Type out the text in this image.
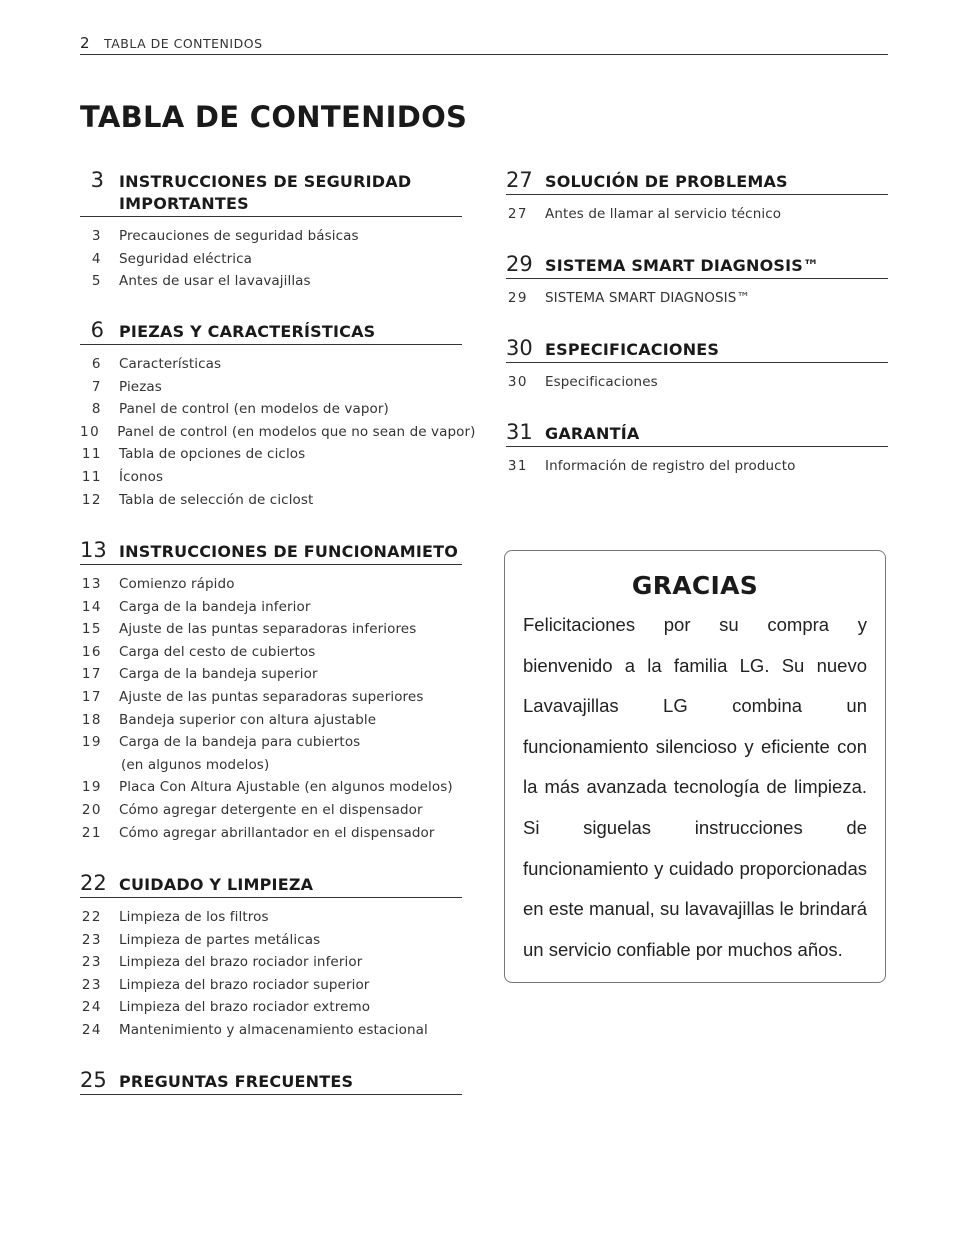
2 TABLA DE CONTENIDOS
TABLA DE CONTENIDOS
3 INSTRUCCIONES DE SEGURIDAD
IMPORTANTES
3 Precauciones de seguridad básicas
4 Seguridad eléctrica
5 Antes de usar el lavavajillas
6 PIEZAS Y CARACTERÍSTICAS
6 Características
7 Piezas
8 Panel de control (en modelos de vapor)
10 Panel de control (en modelos que no sean de vapor)
11 Tabla de opciones de ciclos
11 Íconos
12 Tabla de selección de ciclost
13 INSTRUCCIONES DE FUNCIONAMIETO
13 Comienzo rápido
14 Carga de la bandeja inferior
15 Ajuste de las puntas separadoras inferiores
16 Carga del cesto de cubiertos
17 Carga de la bandeja superior
17 Ajuste de las puntas separadoras superiores
18 Bandeja superior con altura ajustable
19 Carga de la bandeja para cubiertos
(en algunos modelos)
19 Placa Con Altura Ajustable (en algunos modelos)
20 Cómo agregar detergente en el dispensador
21 Cómo agregar abrillantador en el dispensador
22 CUIDADO Y LIMPIEZA
22 Limpieza de los filtros
23 Limpieza de partes metálicas
23 Limpieza del brazo rociador inferior
23 Limpieza del brazo rociador superior
24 Limpieza del brazo rociador extremo
24 Mantenimiento y almacenamiento estacional
25 PREGUNTAS FRECUENTES
27 SOLUCIÓN DE PROBLEMAS
27 Antes de llamar al servicio técnico
29 SISTEMA SMART DIAGNOSIS™
29 SISTEMA SMART DIAGNOSIS™
30 ESPECIFICACIONES
30 Especificaciones
31 GARANTÍA
31 Información de registro del producto
GRACIAS
Felicitaciones por su compra y bienvenido a la familia LG. Su nuevo Lavavajillas LG combina un funcionamiento silencioso y eficiente con la más avanzada tecnología de limpieza. Si siguelas instrucciones de funcionamiento y cuidado proporcionadas en este manual, su lavavajillas le brindará un servicio confiable por muchos años.
